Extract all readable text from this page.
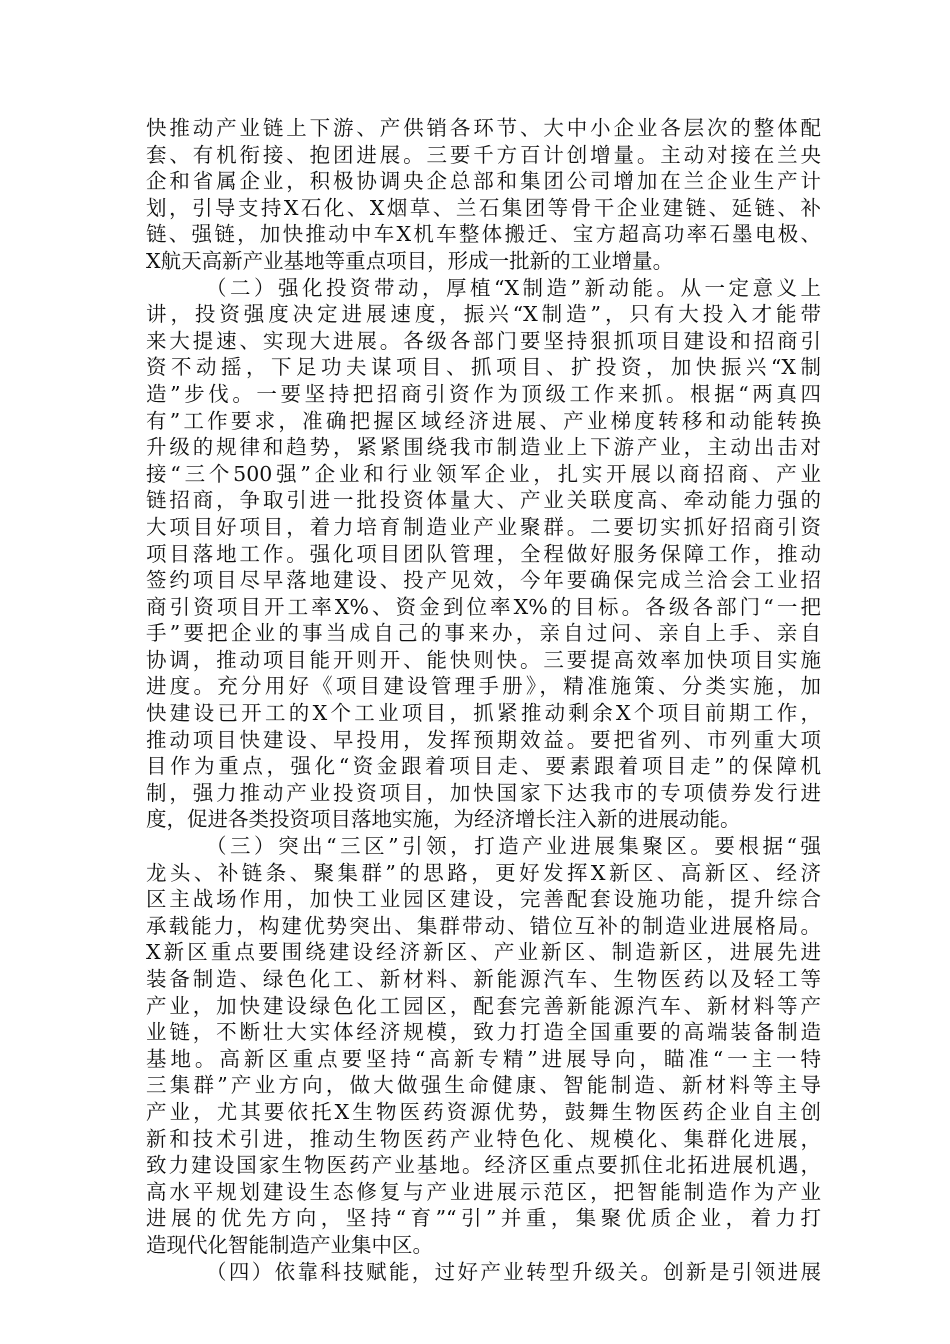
快推动产业链上下游、产供销各环节、大中小企业各层次的整体配
套、有机衔接、抱团进展。三要千方百计创增量。主动对接在兰央
企和省属企业，积极协调央企总部和集团公司增加在兰企业生产计
划，引导支持X石化、X烟草、兰石集团等骨干企业建链、延链、补
链、强链，加快推动中车X机车整体搬迁、宝方超高功率石墨电极、
X航天高新产业基地等重点项目，形成一批新的工业增量。
（二）强化投资带动，厚植“X制造”新动能。从一定意义上
讲，投资强度决定进展速度，振兴“X制造”，只有大投入才能带
来大提速、实现大进展。各级各部门要坚持狠抓项目建设和招商引
资不动摇，下足功夫谋项目、抓项目、扩投资，加快振兴“X制
造”步伐。一要坚持把招商引资作为顶级工作来抓。根据“两真四
有”工作要求，准确把握区域经济进展、产业梯度转移和动能转换
升级的规律和趋势，紧紧围绕我市制造业上下游产业，主动出击对
接“三个500强”企业和行业领军企业，扎实开展以商招商、产业
链招商，争取引进一批投资体量大、产业关联度高、牵动能力强的
大项目好项目，着力培育制造业产业聚群。二要切实抓好招商引资
项目落地工作。强化项目团队管理，全程做好服务保障工作，推动
签约项目尽早落地建设、投产见效，今年要确保完成兰洽会工业招
商引资项目开工率X%、资金到位率X%的目标。各级各部门“一把
手”要把企业的事当成自己的事来办，亲自过问、亲自上手、亲自
协调，推动项目能开则开、能快则快。三要提高效率加快项目实施
进度。充分用好《项目建设管理手册》，精准施策、分类实施，加
快建设已开工的X个工业项目，抓紧推动剩余X个项目前期工作，
推动项目快建设、早投用，发挥预期效益。要把省列、市列重大项
目作为重点，强化“资金跟着项目走、要素跟着项目走”的保障机
制，强力推动产业投资项目，加快国家下达我市的专项债券发行进
度，促进各类投资项目落地实施，为经济增长注入新的进展动能。
（三）突出“三区”引领，打造产业进展集聚区。要根据“强
龙头、补链条、聚集群”的思路，更好发挥X新区、高新区、经济
区主战场作用，加快工业园区建设，完善配套设施功能，提升综合
承载能力，构建优势突出、集群带动、错位互补的制造业进展格局。
X新区重点要围绕建设经济新区、产业新区、制造新区，进展先进
装备制造、绿色化工、新材料、新能源汽车、生物医药以及轻工等
产业，加快建设绿色化工园区，配套完善新能源汽车、新材料等产
业链，不断壮大实体经济规模，致力打造全国重要的高端装备制造
基地。高新区重点要坚持“高新专精”进展导向，瞄准“一主一特
三集群”产业方向，做大做强生命健康、智能制造、新材料等主导
产业，尤其要依托X生物医药资源优势，鼓舞生物医药企业自主创
新和技术引进，推动生物医药产业特色化、规模化、集群化进展，
致力建设国家生物医药产业基地。经济区重点要抓住北拓进展机遇，
高水平规划建设生态修复与产业进展示范区，把智能制造作为产业
进展的优先方向，坚持“育”“引”并重，集聚优质企业，着力打
造现代化智能制造产业集中区。
（四）依靠科技赋能，过好产业转型升级关。创新是引领进展
